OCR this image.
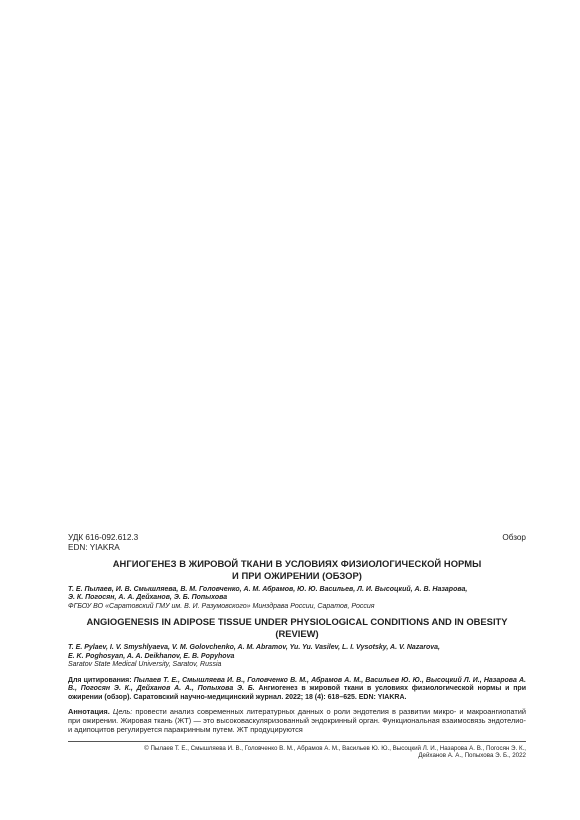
УДК 616-092.612.3	Обзор
EDN: YIAKRA
АНГИОГЕНЕЗ В ЖИРОВОЙ ТКАНИ В УСЛОВИЯХ ФИЗИОЛОГИЧЕСКОЙ НОРМЫ
И ПРИ ОЖИРЕНИИ (ОБЗОР)
Т. Е. Пылаев, И. В. Смышляева, В. М. Головченко, А. М. Абрамов, Ю. Ю. Васильев, Л. И. Высоцкий, А. В. Назарова,
Э. К. Погосян, А. А. Дейханов, Э. Б. Попыхова
ФГБОУ ВО «Саратовский ГМУ им. В. И. Разумовского» Минздрава России, Саратов, Россия
ANGIOGENESIS IN ADIPOSE TISSUE UNDER PHYSIOLOGICAL CONDITIONS AND IN OBESITY
(REVIEW)
T. E. Pylaev, I. V. Smyshlyaeva, V. M. Golovchenko, A. M. Abramov, Yu. Yu. Vasilev, L. I. Vysotsky, A. V. Nazarova,
E. K. Poghosyan, A. A. Deikhanov, E. B. Popyhova
Saratov State Medical University, Saratov, Russia
Для цитирования: Пылаев Т. Е., Смышляева И. В., Головченко В. М., Абрамов А. М., Васильев Ю. Ю., Высоцкий Л. И., Назарова А. В., Погосян Э. К., Дейханов А. А., Попыхова Э. Б. Ангиогенез в жировой ткани в условиях физиологической нормы и при ожирении (обзор). Саратовский научно-медицинский журнал. 2022; 18 (4): 618–625. EDN: YIAKRA.
Аннотация. Цель: провести анализ современных литературных данных о роли эндотелия в развитии микро- и макроангиопатий при ожирении. Жировая ткань (ЖТ) — это высоковаскуляризованный эндокринный орган. Функциональная взаимосвязь эндотелио- и адипоцитов регулируется паракринным путем. ЖТ продуцируются
© Пылаев Т. Е., Смышляева И. В., Головченко В. М., Абрамов А. М., Васильев Ю. Ю., Высоцкий Л. И., Назарова А. В., Погосян Э. К.,
Дейханов А. А., Попыхова Э. Б., 2022
